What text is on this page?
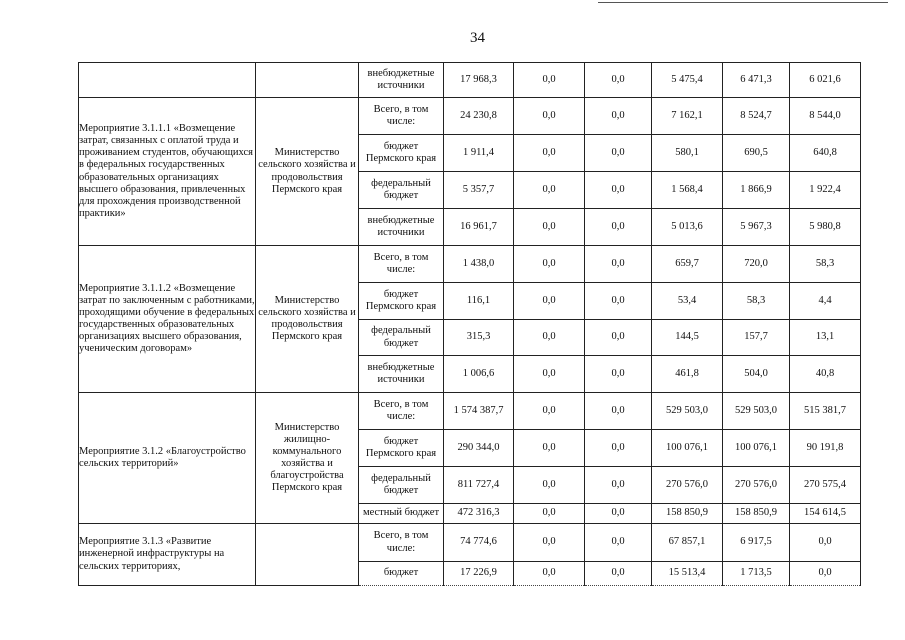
34
		внебюджетные источники	17 968,3	0,0	0,0	5 475,4	6 471,3	6 021,6
Мероприятие 3.1.1.1 «Возмещение затрат, связанных с оплатой труда и проживанием студентов, обучающихся в федеральных государственных образовательных организациях высшего образования, привлеченных для прохождения производственной практики»	Министерство сельского хозяйства и продовольствия Пермского края	Всего, в том числе:	24 230,8	0,0	0,0	7 162,1	8 524,7	8 544,0
		бюджет Пермского края	1 911,4	0,0	0,0	580,1	690,5	640,8
		федеральный бюджет	5 357,7	0,0	0,0	1 568,4	1 866,9	1 922,4
		внебюджетные источники	16 961,7	0,0	0,0	5 013,6	5 967,3	5 980,8
Мероприятие 3.1.1.2 «Возмещение затрат по заключенным с работниками, проходящими обучение в федеральных государственных образовательных организациях высшего образования, ученическим договорам»	Министерство сельского хозяйства и продовольствия Пермского края	Всего, в том числе:	1 438,0	0,0	0,0	659,7	720,0	58,3
		бюджет Пермского края	116,1	0,0	0,0	53,4	58,3	4,4
		федеральный бюджет	315,3	0,0	0,0	144,5	157,7	13,1
		внебюджетные источники	1 006,6	0,0	0,0	461,8	504,0	40,8
Мероприятие 3.1.2 «Благоустройство сельских территорий»	Министерство жилищно-коммунального хозяйства и благоустройства Пермского края	Всего, в том числе:	1 574 387,7	0,0	0,0	529 503,0	529 503,0	515 381,7
		бюджет Пермского края	290 344,0	0,0	0,0	100 076,1	100 076,1	90 191,8
		федеральный бюджет	811 727,4	0,0	0,0	270 576,0	270 576,0	270 575,4
		местный бюджет	472 316,3	0,0	0,0	158 850,9	158 850,9	154 614,5
Мероприятие 3.1.3 «Развитие инженерной инфраструктуры на сельских территориях,		Всего, в том числе:	74 774,6	0,0	0,0	67 857,1	6 917,5	0,0
		бюджет	17 226,9	0,0	0,0	15 513,4	1 713,5	0,0
